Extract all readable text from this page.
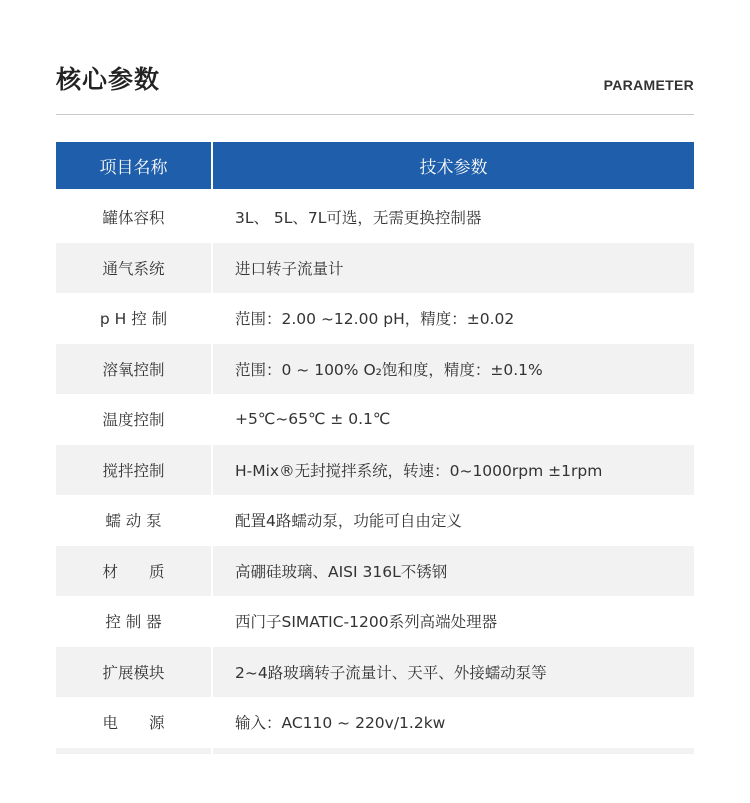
核心参数	PARAMETER
项目名称	技术参数
罐体容积	3L、 5L、7L可选，无需更换控制器
通气系统	进口转子流量计
p H 控 制	范围：2.00 ~12.00 pH，精度：±0.02
溶氧控制	范围：0 ~ 100% O₂饱和度，精度：±0.1%
温度控制	+5℃~65℃ ± 0.1℃
搅拌控制	H-Mix®无封搅拌系统，转速：0~1000rpm ±1rpm
蠕 动 泵	配置4路蠕动泵，功能可自由定义
材　　质	高硼硅玻璃、AISI 316L不锈钢
控 制 器	西门子SIMATIC-1200系列高端处理器
扩展模块	2~4路玻璃转子流量计、天平、外接蠕动泵等
电　　源	输入：AC110 ~ 220v/1.2kw
